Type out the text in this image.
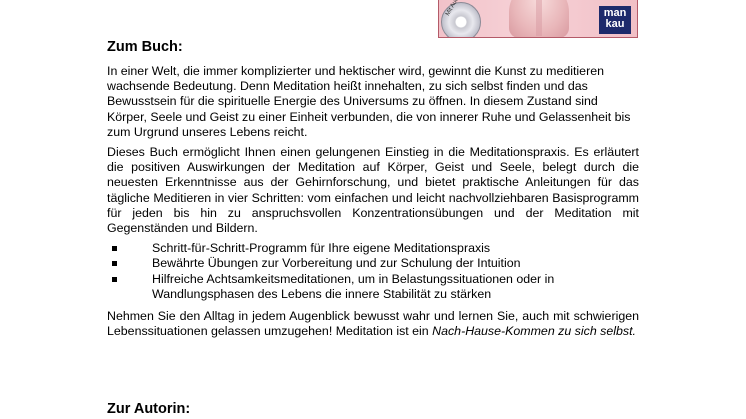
man
kau
Zum Buch:

In einer Welt, die immer komplizierter und hektischer wird, gewinnt die Kunst zu meditieren wachsende Bedeutung. Denn Meditation heißt innehalten, zu sich selbst finden und das Bewusstsein für die spirituelle Energie des Universums zu öffnen. In diesem Zustand sind Körper, Seele und Geist zu einer Einheit verbunden, die von innerer Ruhe und Gelassenheit bis zum Urgrund unseres Lebens reicht.

Dieses Buch ermöglicht Ihnen einen gelungenen Einstieg in die Meditationspraxis. Es erläutert die positiven Auswirkungen der Meditation auf Körper, Geist und Seele, belegt durch die neuesten Erkenntnisse aus der Gehirnforschung, und bietet praktische Anleitungen für das tägliche Meditieren in vier Schritten: vom einfachen und leicht nachvollziehbaren Basisprogramm für jeden bis hin zu anspruchsvollen Konzentrationsübungen und der Meditation mit Gegenständen und Bildern.

Schritt-für-Schritt-Programm für Ihre eigene Meditationspraxis
Bewährte Übungen zur Vorbereitung und zur Schulung der Intuition
Hilfreiche Achtsamkeitsmeditationen, um in Belastungssituationen oder in Wandlungsphasen des Lebens die innere Stabilität zu stärken

Nehmen Sie den Alltag in jedem Augenblick bewusst wahr und lernen Sie, auch mit schwierigen Lebenssituationen gelassen umzugehen! Meditation ist ein Nach-Hause-Kommen zu sich selbst.

Zur Autorin:
